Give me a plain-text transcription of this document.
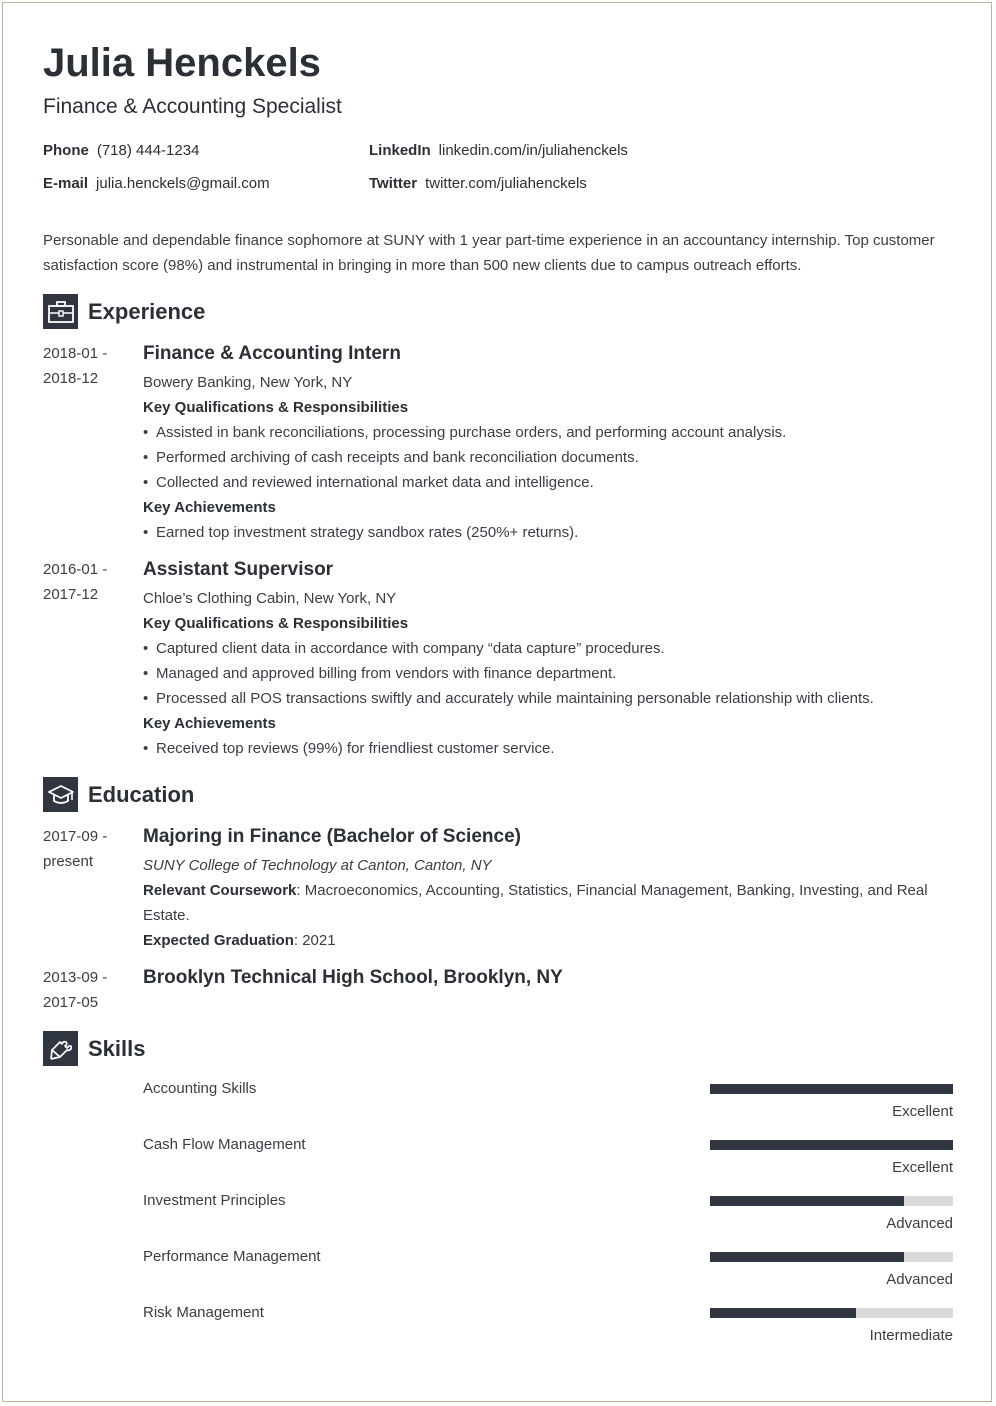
Julia Henckels
Finance & Accounting Specialist
Phone (718) 444-1234	LinkedIn linkedin.com/in/juliahenckels
E-mail julia.henckels@gmail.com	Twitter twitter.com/juliahenckels
Personable and dependable finance sophomore at SUNY with 1 year part-time experience in an accountancy internship. Top customer satisfaction score (98%) and instrumental in bringing in more than 500 new clients due to campus outreach efforts.
Experience
2018-01 -
2018-12
Finance & Accounting Intern
Bowery Banking, New York, NY
Key Qualifications & Responsibilities
• Assisted in bank reconciliations, processing purchase orders, and performing account analysis.
• Performed archiving of cash receipts and bank reconciliation documents.
• Collected and reviewed international market data and intelligence.
Key Achievements
• Earned top investment strategy sandbox rates (250%+ returns).
2016-01 -
2017-12
Assistant Supervisor
Chloe’s Clothing Cabin, New York, NY
Key Qualifications & Responsibilities
• Captured client data in accordance with company “data capture” procedures.
• Managed and approved billing from vendors with finance department.
• Processed all POS transactions swiftly and accurately while maintaining personable relationship with clients.
Key Achievements
• Received top reviews (99%) for friendliest customer service.
Education
2017-09 -
present
Majoring in Finance (Bachelor of Science)
SUNY College of Technology at Canton, Canton, NY
Relevant Coursework: Macroeconomics, Accounting, Statistics, Financial Management, Banking, Investing, and Real Estate.
Expected Graduation: 2021
2013-09 -
2017-05
Brooklyn Technical High School, Brooklyn, NY
Skills
Accounting Skills
Excellent
Cash Flow Management
Excellent
Investment Principles
Advanced
Performance Management
Advanced
Risk Management
Intermediate
